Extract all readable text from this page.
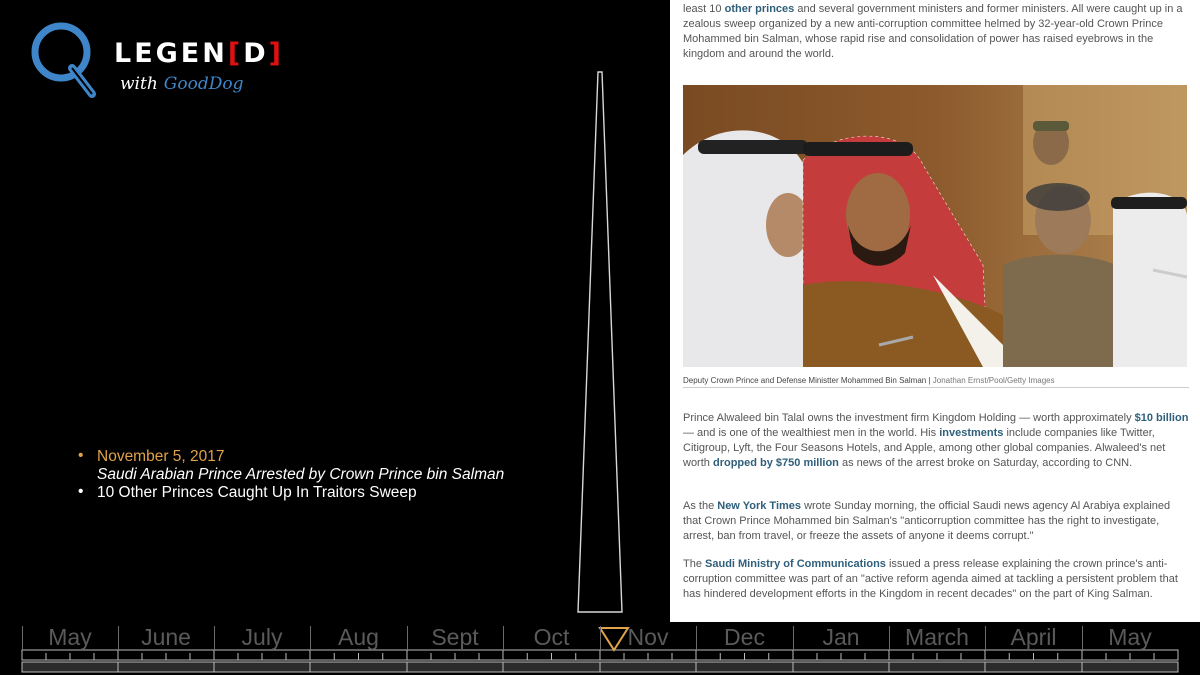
LEGEN[D]
with GoodDog
• November 5, 2017
Saudi Arabian Prince Arrested by Crown Prince bin Salman
• 10 Other Princes Caught Up In Traitors Sweep

least 10 other princes and several government ministers and former ministers. All were caught up in a zealous sweep organized by a new anti-corruption committee helmed by 32-year-old Crown Prince Mohammed bin Salman, whose rapid rise and consolidation of power has raised eyebrows in the kingdom and around the world.

Deputy Crown Prince and Defense Ministter Mohammed Bin Salman | Jonathan Ernst/Pool/Getty Images

Prince Alwaleed bin Talal owns the investment firm Kingdom Holding — worth approximately $10 billion — and is one of the wealthiest men in the world. His investments include companies like Twitter, Citigroup, Lyft, the Four Seasons Hotels, and Apple, among other global companies. Alwaleed's net worth dropped by $750 million as news of the arrest broke on Saturday, according to CNN.

As the New York Times wrote Sunday morning, the official Saudi news agency Al Arabiya explained that Crown Prince Mohammed bin Salman's "anticorruption committee has the right to investigate, arrest, ban from travel, or freeze the assets of anyone it deems corrupt."

The Saudi Ministry of Communications issued a press release explaining the crown prince's anti-corruption committee was part of an "active reform agenda aimed at tackling a persistent problem that has hindered development efforts in the Kingdom in recent decades" on the part of King Salman.

May	June	July	Aug	Sept	Oct	Nov	Dec	Jan	March	April	May
